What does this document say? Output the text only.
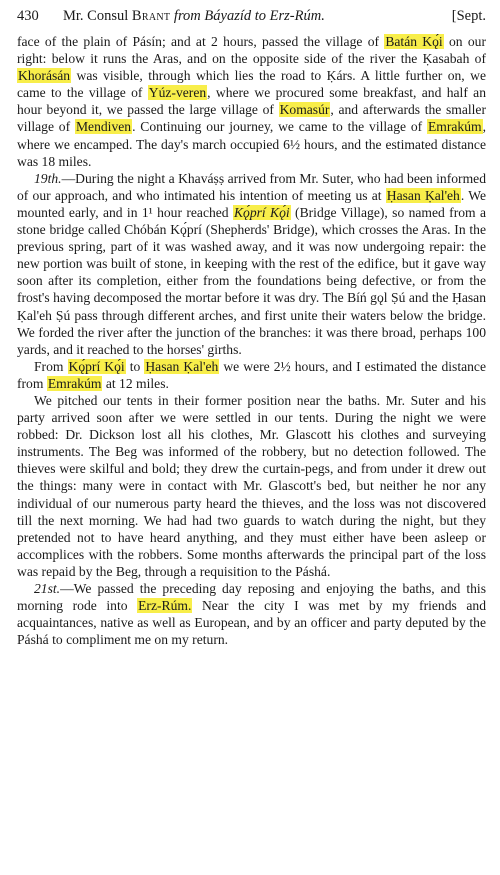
430	Mr. Consul Brant from Báyazíd to Erz-Rúm.	[Sept.

face of the plain of Pásín; and at 2 hours, passed the village of Batán Kǫ́i on our right: below it runs the Aras, and on the opposite side of the river the Ḳasabah of Khorásán was visible, through which lies the road to Ḳárs. A little further on, we came to the village of Yúz-veren, where we procured some breakfast, and half an hour beyond it, we passed the large village of Komasúr, and afterwards the smaller village of Mendiven. Continuing our journey, we came to the village of Emrakúm, where we encamped. The day's march occupied 6½ hours, and the estimated distance was 18 miles.

19th.—During the night a Khaváṣṣ arrived from Mr. Suter, who had been informed of our approach, and who intimated his intention of meeting us at Ḥasan Ḳal'eh. We mounted early, and in 1¹ hour reached Kǫ́prí Kǫ́i (Bridge Village), so named from a stone bridge called Chóbán Kǫ́prí (Shepherds' Bridge), which crosses the Aras. In the previous spring, part of it was washed away, and it was now undergoing repair: the new portion was built of stone, in keeping with the rest of the edifice, but it gave way soon after its completion, either from the foundations being defective, or from the frost's having decomposed the mortar before it was dry. The Bíń gǫl Ṣú and the Ḥasan Ḳal'eh Ṣú pass through different arches, and first unite their waters below the bridge. We forded the river after the junction of the branches: it was there broad, perhaps 100 yards, and it reached to the horses' girths.

From Kǫ́prí Kǫ́i to Ḥasan Ḳal'eh we were 2½ hours, and I estimated the distance from Emrakúm at 12 miles.

We pitched our tents in their former position near the baths. Mr. Suter and his party arrived soon after we were settled in our tents. During the night we were robbed: Dr. Dickson lost all his clothes, Mr. Glascott his clothes and surveying instruments. The Beg was informed of the robbery, but no detection followed. The thieves were skilful and bold; they drew the curtain-pegs, and from under it drew out the things: many were in contact with Mr. Glascott's bed, but neither he nor any individual of our numerous party heard the thieves, and the loss was not discovered till the next morning. We had had two guards to watch during the night, but they pretended not to have heard anything, and they must either have been asleep or accomplices with the robbers. Some months afterwards the principal part of the loss was repaid by the Beg, through a requisition to the Páshá.

21st.—We passed the preceding day reposing and enjoying the baths, and this morning rode into Erz-Rúm. Near the city I was met by my friends and acquaintances, native as well as European, and by an officer and party deputed by the Páshá to compliment me on my return.
